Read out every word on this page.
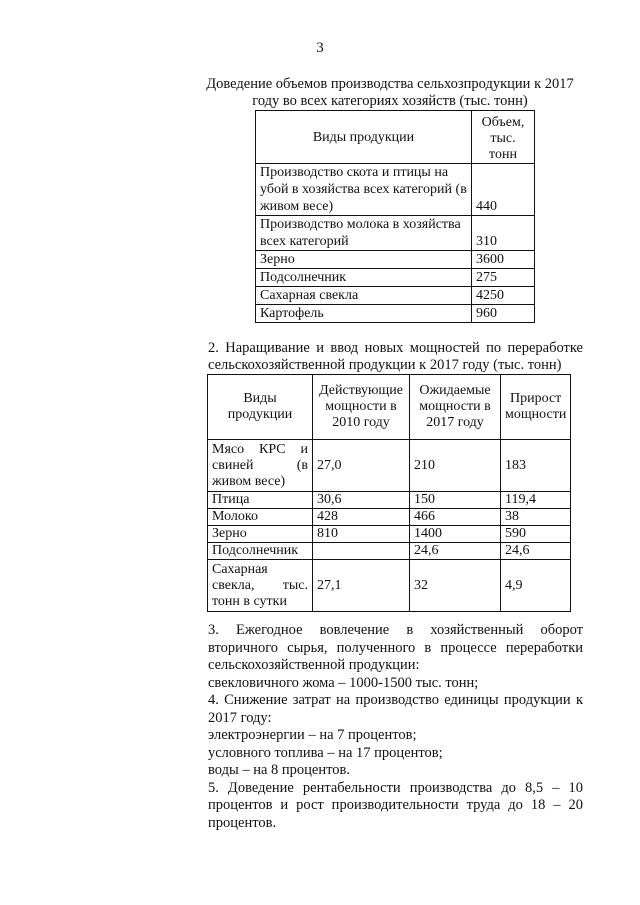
3
Доведение объемов производства сельхозпродукции к 2017 году во всех категориях хозяйств (тыс. тонн)
Виды продукции	Объем, тыс. тонн
Производство скота и птицы на убой в хозяйства всех категорий (в живом весе)	440
Производство молока в хозяйства всех категорий	310
Зерно	3600
Подсолнечник	275
Сахарная свекла	4250
Картофель	960
2. Наращивание и ввод новых мощностей по переработке сельскохозяйственной продукции к 2017 году (тыс. тонн)
Виды продукции	Действующие мощности в 2010 году	Ожидаемые мощности в 2017 году	Прирост мощности
Мясо КРС и свиней (в живом весе)	27,0	210	183
Птица	30,6	150	119,4
Молоко	428	466	38
Зерно	810	1400	590
Подсолнечник		24,6	24,6
Сахарная свекла, тыс. тонн в сутки	27,1	32	4,9

3. Ежегодное вовлечение в хозяйственный оборот вторичного сырья, полученного в процессе переработки сельскохозяйственной продукции:

свекловичного жома – 1000-1500 тыс. тонн;

4. Снижение затрат на производство единицы продукции к 2017 году:

электроэнергии – на 7 процентов;

условного топлива – на 17 процентов;

воды – на 8 процентов.

5. Доведение рентабельности производства до 8,5 – 10 процентов и рост производительности труда до 18 – 20 процентов.
